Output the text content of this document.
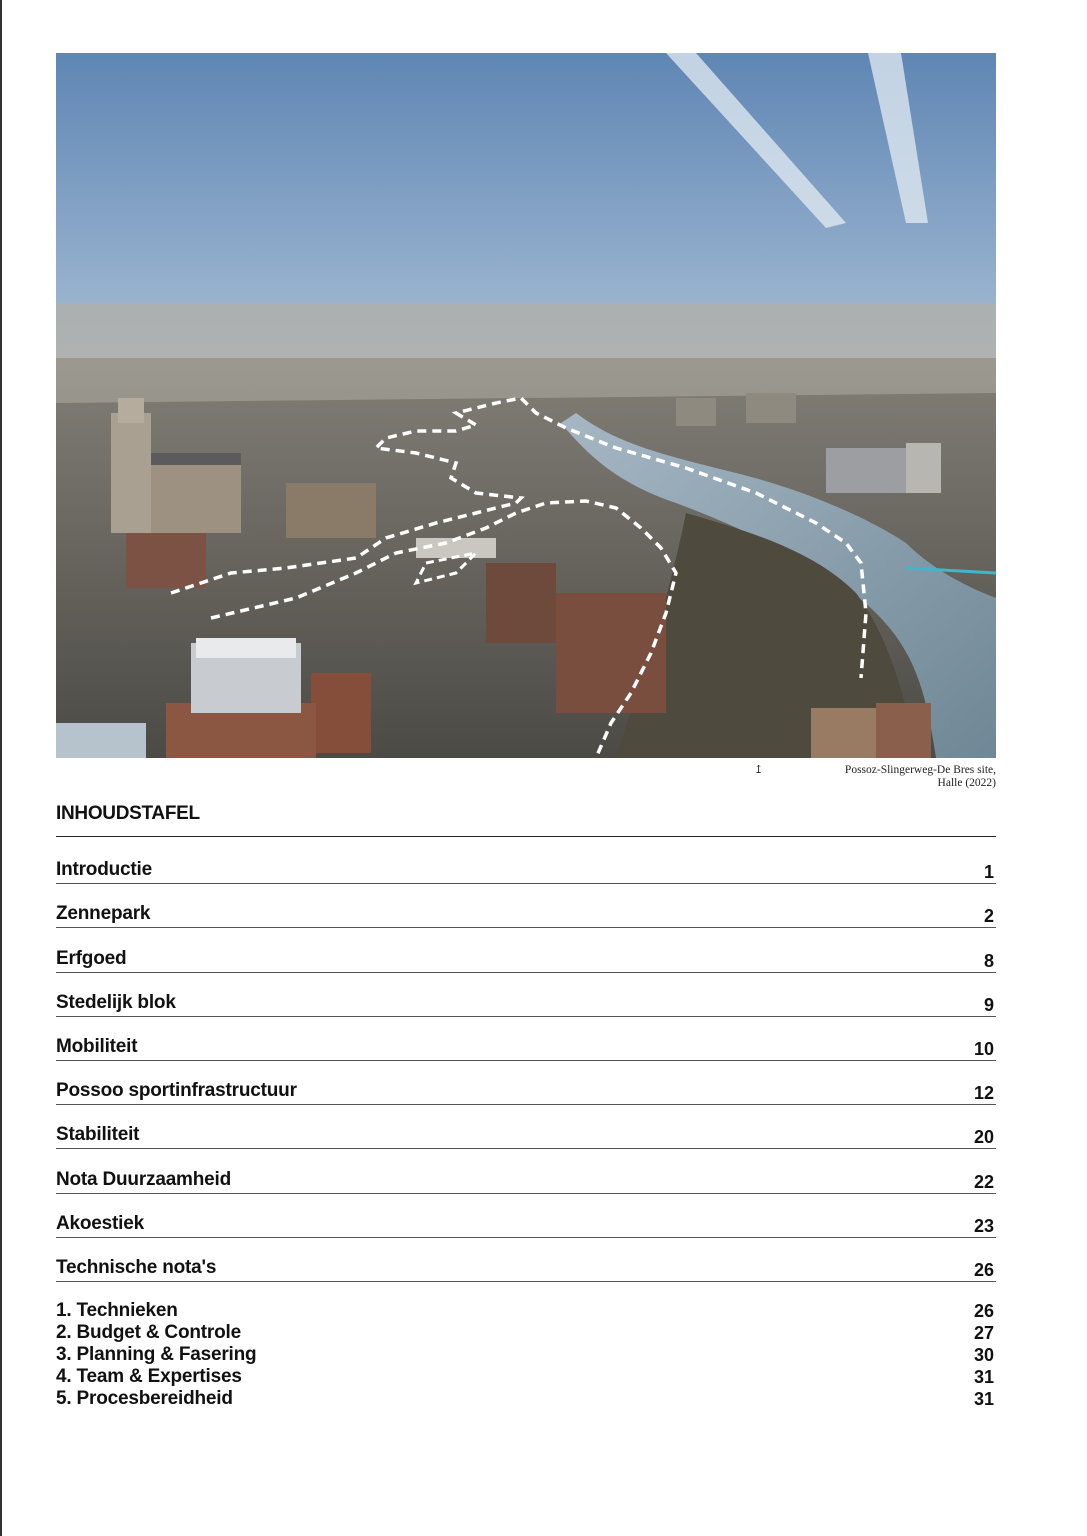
↥	Possoz-Slingerweg-De Bres site,
Halle (2022)
INHOUDSTAFEL
Introductie	1
Zennepark	2
Erfgoed	8
Stedelijk blok	9
Mobiliteit	10
Possoo sportinfrastructuur	12
Stabiliteit	20
Nota Duurzaamheid	22
Akoestiek	23
Technische nota's	26
1. Technieken	26
2. Budget & Controle	27
3. Planning & Fasering	30
4. Team & Expertises	31
5. Procesbereidheid	31
